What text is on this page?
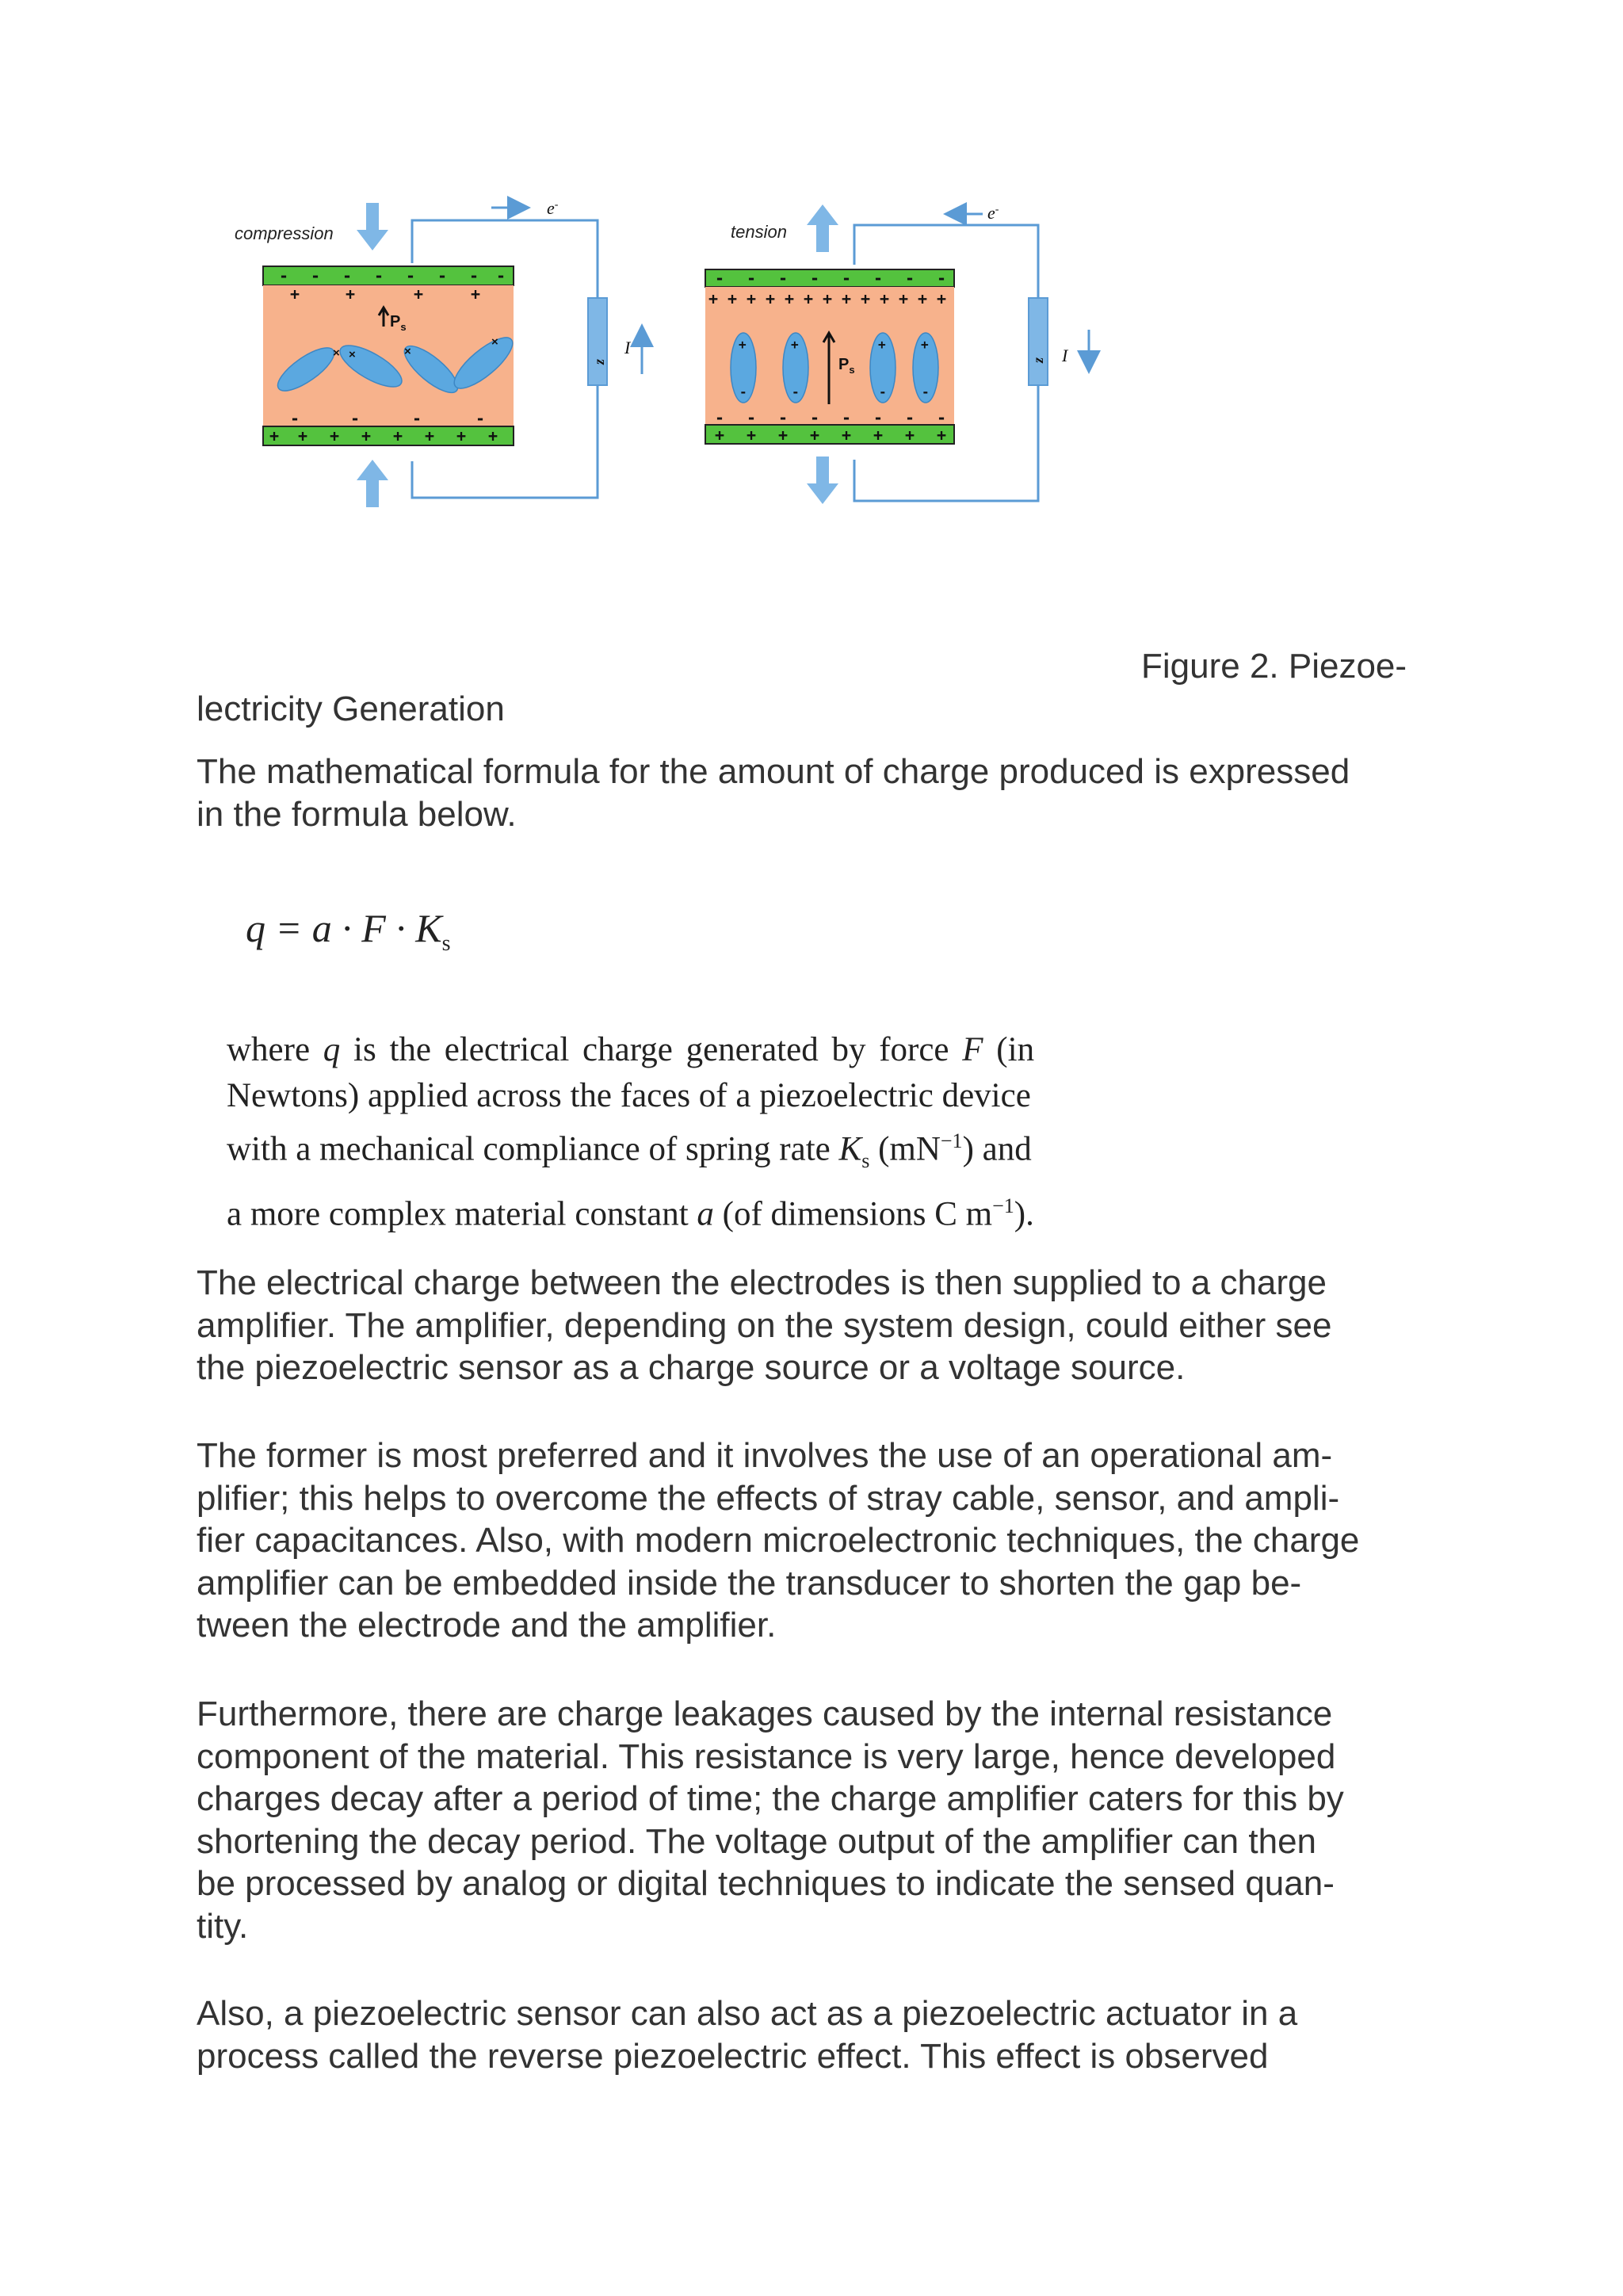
compression
- - - - - - - -
+ + + + + + + +
+	+	+	+
-	-	-	-
$P_s$
× ×	×
×
e-
z
I
tension
- - - - - - - -
+ + + + + + + + + + + + +
- - - - - - - -
+ + + + + + + +
+	+	+	+
-	-	-	-
$P_s$
e-
z I
Figure 2. Piezoe-
lectricity Generation

The mathematical formula for the amount of charge produced is expressed
in the formula below.

$q = a \cdot F \cdot K_s$
where q is the electrical charge generated by force F (in
Newtons) applied across the faces of a piezoelectric device
with a mechanical compliance of spring rate $K_s$ $(mN^{-1})$ and
a more complex material constant a (of dimensions C $m^{-1}$).

The electrical charge between the electrodes is then supplied to a charge
amplifier. The amplifier, depending on the system design, could either see
the piezoelectric sensor as a charge source or a voltage source.

The former is most preferred and it involves the use of an operational am-
plifier; this helps to overcome the effects of stray cable, sensor, and ampli-
fier capacitances. Also, with modern microelectronic techniques, the charge
amplifier can be embedded inside the transducer to shorten the gap be-
tween the electrode and the amplifier.

Furthermore, there are charge leakages caused by the internal resistance
component of the material. This resistance is very large, hence developed
charges decay after a period of time; the charge amplifier caters for this by
shortening the decay period. The voltage output of the amplifier can then
be processed by analog or digital techniques to indicate the sensed quan-
tity.

Also, a piezoelectric sensor can also act as a piezoelectric actuator in a
process called the reverse piezoelectric effect. This effect is observed
